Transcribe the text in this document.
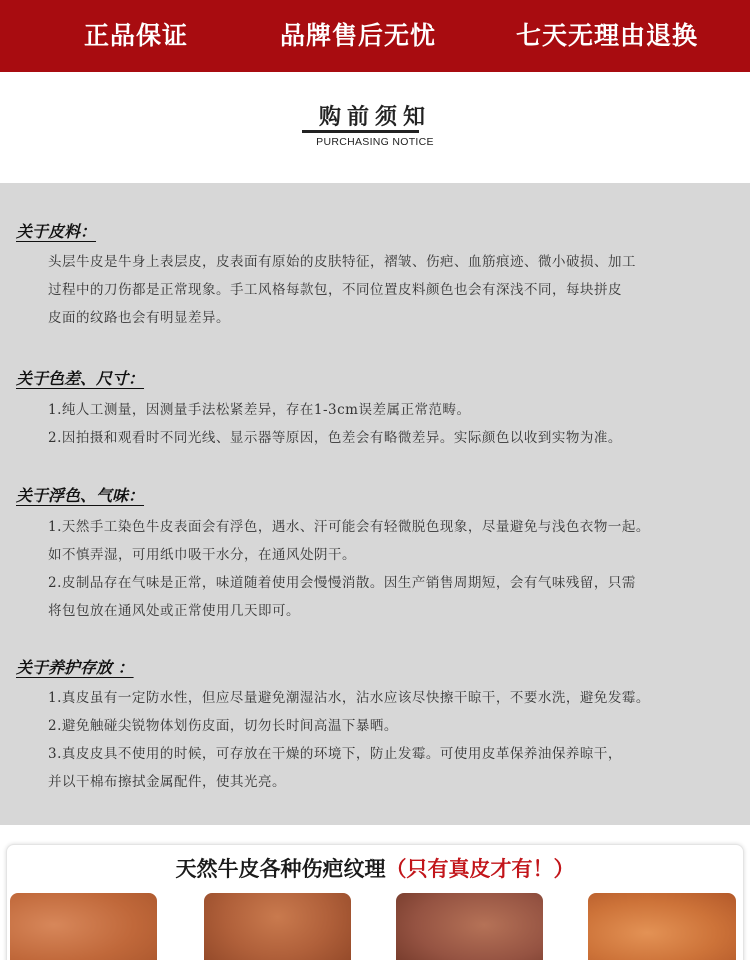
正品保证	品牌售后无忧	七天无理由退换
购前须知
PURCHASING NOTICE
关于皮料：
头层牛皮是牛身上表层皮，皮表面有原始的皮肤特征，褶皱、伤疤、血筋痕迹、微小破损、加工
过程中的刀伤都是正常现象。手工风格每款包，不同位置皮料颜色也会有深浅不同，每块拼皮
皮面的纹路也会有明显差异。
关于色差、尺寸：
1.纯人工测量，因测量手法松紧差异，存在1-3cm误差属正常范畴。
2.因拍摄和观看时不同光线、显示器等原因，色差会有略微差异。实际颜色以收到实物为准。
关于浮色、气味：
1.天然手工染色牛皮表面会有浮色，遇水、汗可能会有轻微脱色现象，尽量避免与浅色衣物一起。
如不慎弄湿，可用纸巾吸干水分，在通风处阴干。
2.皮制品存在气味是正常，味道随着使用会慢慢消散。因生产销售周期短，会有气味残留，只需
将包包放在通风处或正常使用几天即可。
关于养护存放 ：
1.真皮虽有一定防水性，但应尽量避免潮湿沾水，沾水应该尽快擦干晾干，不要水洗，避免发霉。
2.避免触碰尖锐物体划伤皮面，切勿长时间高温下暴晒。
3.真皮皮具不使用的时候，可存放在干燥的环境下，防止发霉。可使用皮革保养油保养晾干，
并以干棉布擦拭金属配件，使其光亮。
天然牛皮各种伤疤纹理（只有真皮才有！）
